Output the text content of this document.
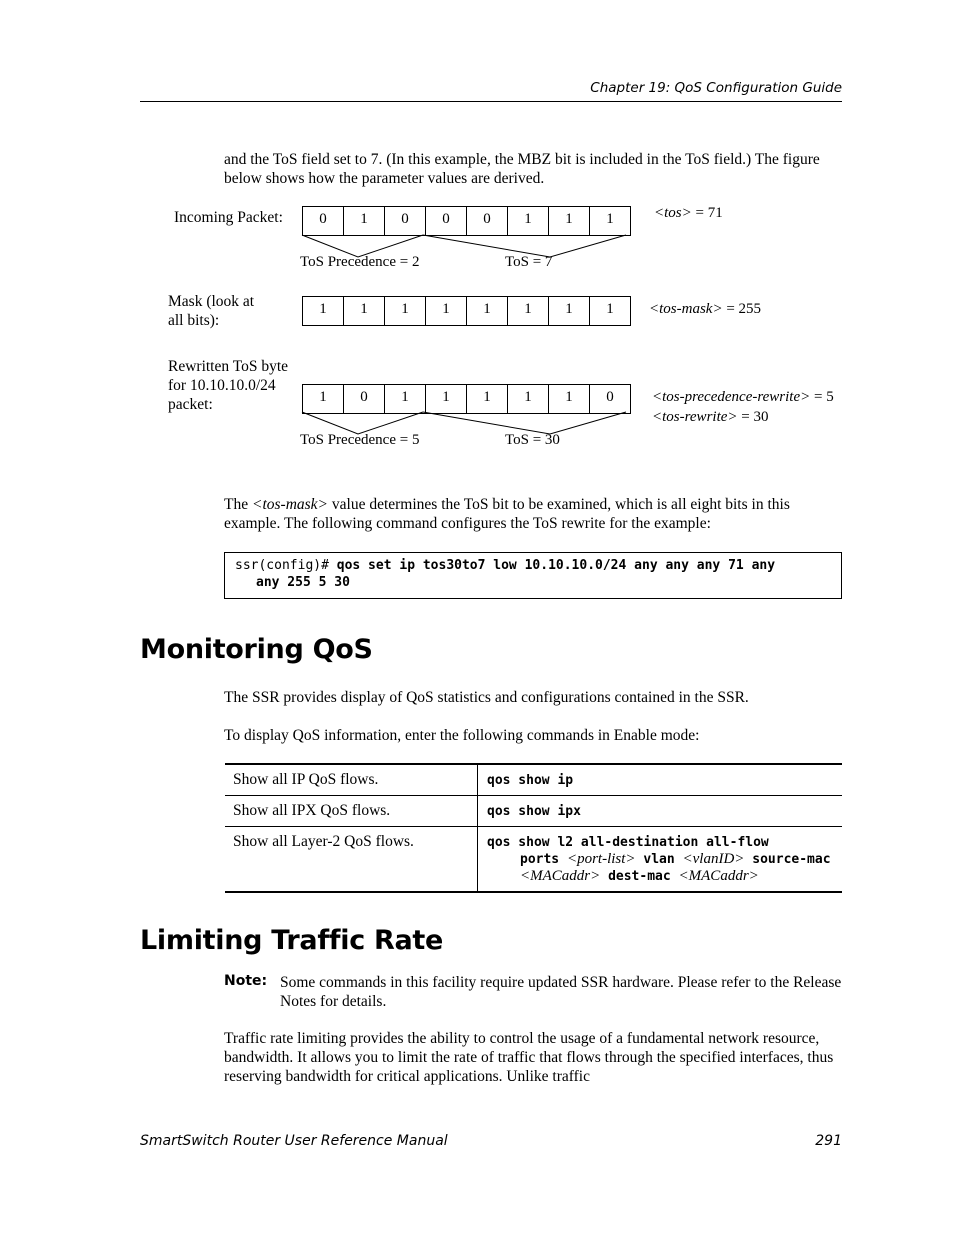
Chapter 19: QoS Configuration Guide
and the ToS field set to 7. (In this example, the MBZ bit is included in the ToS field.) The figure below shows how the parameter values are derived.
Incoming Packet:	0	1	0	0	0	1	1	1	<tos> = 71
ToS Precedence = 2	ToS = 7
Mask (look at
all bits):
1	1	1	1	1	1	1	1	<tos-mask> = 255
Rewritten ToS byte
for 10.10.10.0/24
packet:	1	0	1	1	1	1	1	0	<tos-precedence-rewrite> = 5
<tos-rewrite> = 30
ToS Precedence = 5	ToS = 30
The <tos-mask> value determines the ToS bit to be examined, which is all eight bits in this example. The following command configures the ToS rewrite for the example:
ssr(config)# qos set ip tos30to7 low 10.10.10.0/24 any any any 71 any
any 255 5 30
Monitoring QoS
The SSR provides display of QoS statistics and configurations contained in the SSR.
To display QoS information, enter the following commands in Enable mode:
Show all IP QoS flows.	qos show ip
Show all IPX QoS flows.	qos show ipx
Show all Layer-2 QoS flows.	qos show l2 all-destination all-flow
ports <port-list> vlan <vlanID> source-mac
<MACaddr> dest-mac <MACaddr>
Limiting Traffic Rate
Note: Some commands in this facility require updated SSR hardware. Please refer to the Release Notes for details.
Traffic rate limiting provides the ability to control the usage of a fundamental network resource, bandwidth. It allows you to limit the rate of traffic that flows through the specified interfaces, thus reserving bandwidth for critical applications. Unlike traffic
SmartSwitch Router User Reference Manual	291
